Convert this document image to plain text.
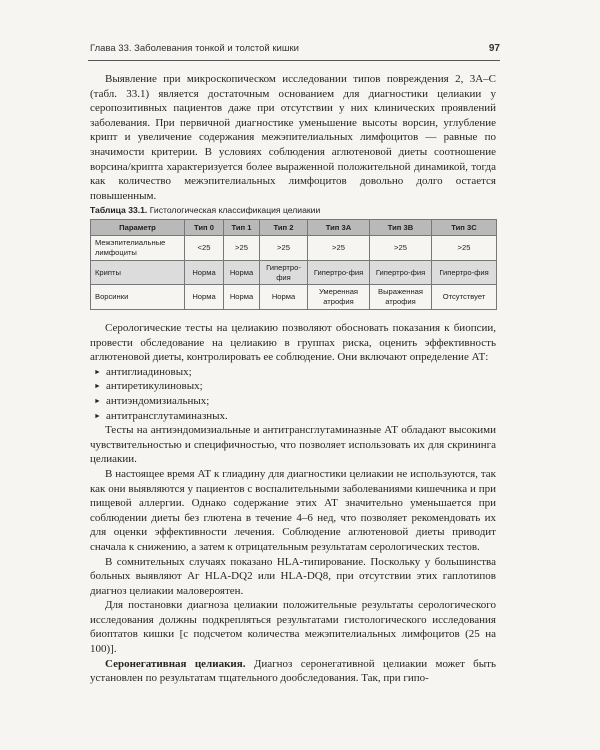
Глава 33. Заболевания тонкой и толстой кишки	97

Выявление при микроскопическом исследовании типов повреждения 2, 3A–C (табл. 33.1) является достаточным основанием для диагностики целиакии у серопозитивных пациентов даже при отсутствии у них клинических проявлений заболевания. При первичной диагностике уменьшение высоты ворсин, углубление крипт и увеличение содержания межэпителиальных лимфоцитов — равные по значимости критерии. В условиях соблюдения аглютеновой диеты соотношение ворсина/крипта характеризуется более выраженной положительной динамикой, тогда как количество межэпителиальных лимфоцитов довольно долго остается повышенным.

Таблица 33.1. Гистологическая классификация целиакии
Параметр	Тип 0	Тип 1	Тип 2	Тип 3A	Тип 3B	Тип 3C
Межэпителиальные лимфоциты	<25	>25	>25	>25	>25	>25
Крипты	Норма	Норма	Гипертро-фия	Гипертро-фия	Гипертро-фия	Гипертро-фия
Ворсинки	Норма	Норма	Норма	Умеренная атрофия	Выраженная атрофия	Отсутствует

Серологические тесты на целиакию позволяют обосновать показания к биопсии, провести обследование на целиакию в группах риска, оценить эффективность аглютеновой диеты, контролировать ее соблюдение. Они включают определение АТ:

► антиглиадиновых;
► антиретикулиновых;
► антиэндомизиальных;
► антитрансглутаминазных.

Тесты на антиэндомизиальные и антитрансглутаминазные АТ обладают высокими чувствительностью и специфичностью, что позволяет использовать их для скрининга целиакии.

В настоящее время АТ к глиадину для диагностики целиакии не используются, так как они выявляются у пациентов с воспалительными заболеваниями кишечника и при пищевой аллергии. Однако содержание этих АТ значительно уменьшается при соблюдении диеты без глютена в течение 4–6 нед, что позволяет рекомендовать их для оценки эффективности лечения. Соблюдение аглютеновой диеты приводит сначала к снижению, а затем к отрицательным результатам серологических тестов.

В сомнительных случаях показано HLA-типирование. Поскольку у большинства больных выявляют Аг HLA-DQ2 или HLA-DQ8, при отсутствии этих гаплотипов диагноз целиакии маловероятен.

Для постановки диагноза целиакии положительные результаты серологического исследования должны подкрепляться результатами гистологического исследования биоптатов кишки [с подсчетом количества межэпителиальных лимфоцитов (25 на 100)].

Серонегативная целиакия. Диагноз серонегативной целиакии может быть установлен по результатам тщательного дообследования. Так, при гипо-
